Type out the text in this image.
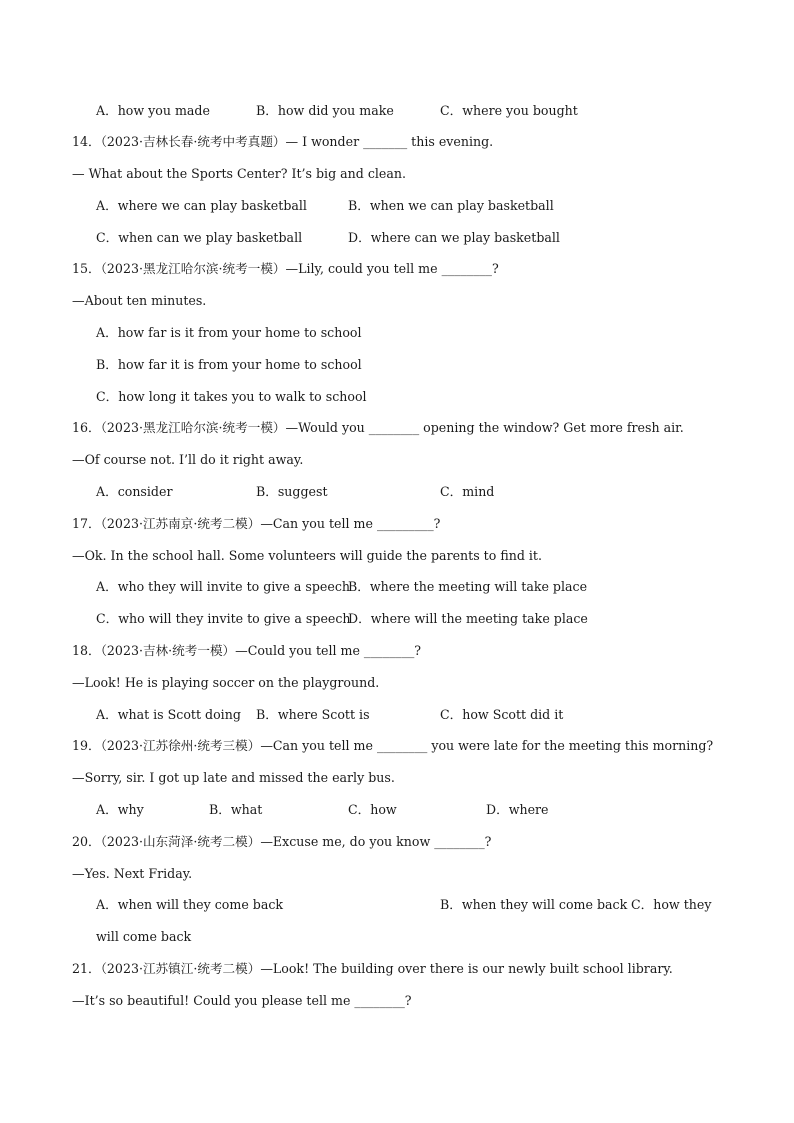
A．how you made	B．how did you make	C．where you bought
14．（2023·吉林长春·统考中考真题）— I wonder _______ this evening.
— What about the Sports Center? It’s big and clean.
A．where we can play basketball	B．when we can play basketball
C．when can we play basketball	D．where can we play basketball
15．（2023·黑龙江哈尔滨·统考一模）—Lily, could you tell me ________?
—About ten minutes.
A．how far is it from your home to school
B．how far it is from your home to school
C．how long it takes you to walk to school
16．（2023·黑龙江哈尔滨·统考一模）—Would you ________ opening the window? Get more fresh air.
—Of course not. I’ll do it right away.
A．consider	B．suggest	C．mind
17．（2023·江苏南京·统考二模）—Can you tell me _________?
—Ok. In the school hall. Some volunteers will guide the parents to find it.
A．who they will invite to give a speech
B．where the meeting will take place
C．who will they invite to give a speech
D．where will the meeting take place
18．（2023·吉林·统考一模）—Could you tell me ________?
—Look! He is playing soccer on the playground.
A．what is Scott doing B．where Scott is	C．how Scott did it
19．（2023·江苏徐州·统考三模）—Can you tell me ________ you were late for the meeting this morning?
—Sorry, sir. I got up late and missed the early bus.
A．why	B．what	C．how	D．where
20．（2023·山东菏泽·统考二模）—Excuse me, do you know ________?
—Yes. Next Friday.
A．when will they come back	B．when they will come back C．how they
will come back
21．（2023·江苏镇江·统考二模）—Look! The building over there is our newly built school library.
—It’s so beautiful! Could you please tell me ________?
